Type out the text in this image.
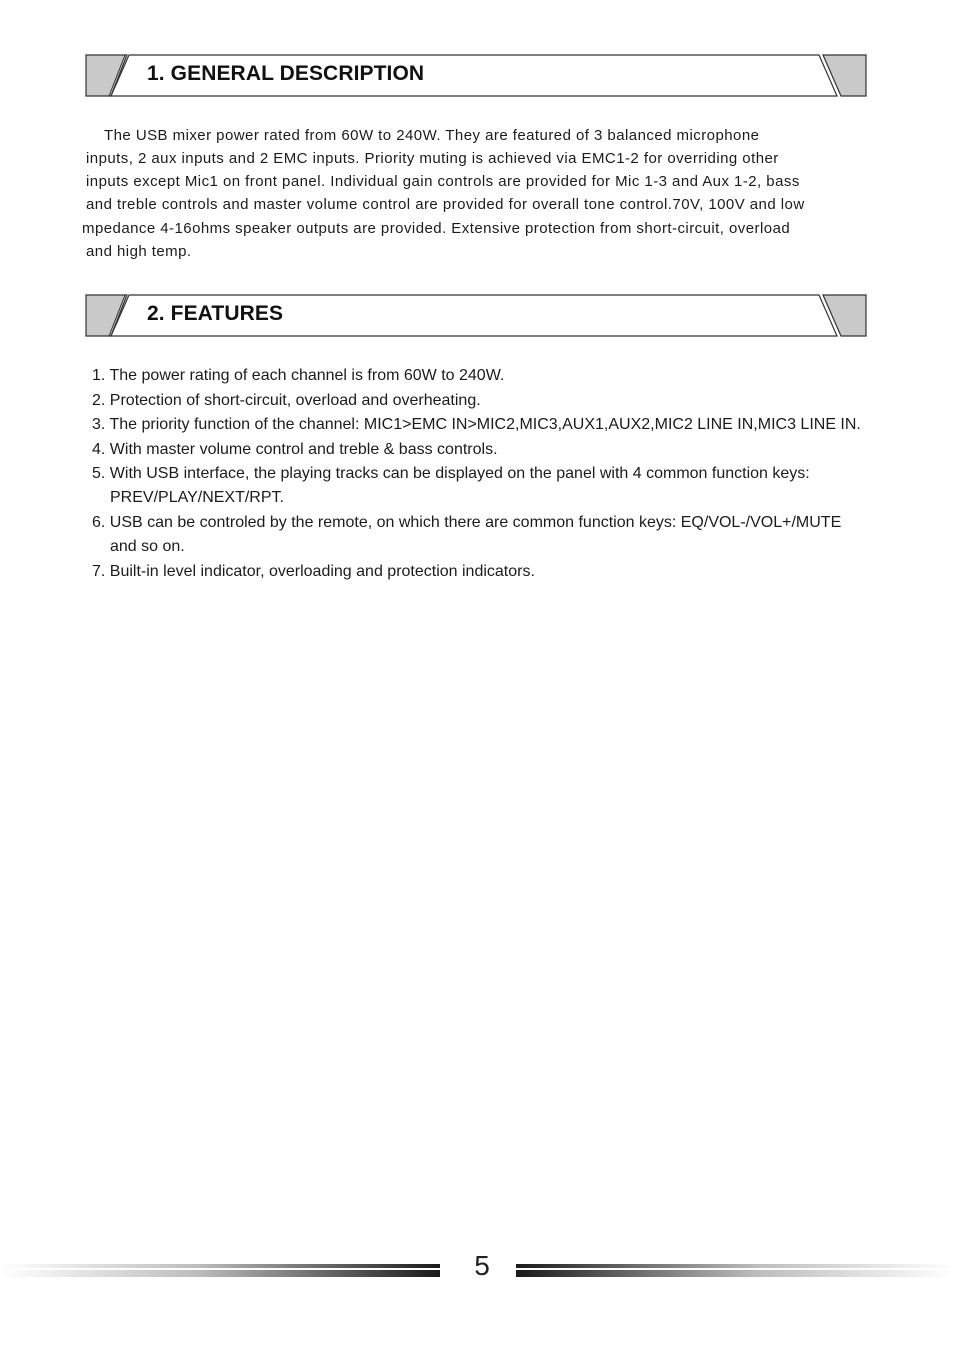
1. GENERAL DESCRIPTION
The USB mixer power rated from 60W to 240W. They are featured of 3 balanced microphone
inputs, 2 aux inputs and 2 EMC inputs. Priority muting is achieved via EMC1-2 for overriding other
inputs except Mic1 on front panel. Individual gain controls are provided for Mic 1-3 and Aux 1-2, bass
and treble controls and master volume control are provided for overall tone control.70V, 100V and low
mpedance 4-16ohms speaker outputs are provided. Extensive protection from short-circuit, overload
and high temp.
2. FEATURES
1. The power rating of each channel is from 60W to 240W.
2. Protection of short-circuit, overload and overheating.
3. The priority function of the channel: MIC1>EMC IN>MIC2,MIC3,AUX1,AUX2,MIC2 LINE IN,MIC3 LINE IN.
4. With master volume control and treble & bass controls.
5. With USB interface, the playing tracks can be displayed on the panel with 4 common function keys:
PREV/PLAY/NEXT/RPT.
6. USB can be controled by the remote, on which there are common function keys: EQ/VOL-/VOL+/MUTE
and so on.
7. Built-in level indicator, overloading and protection indicators.
5
